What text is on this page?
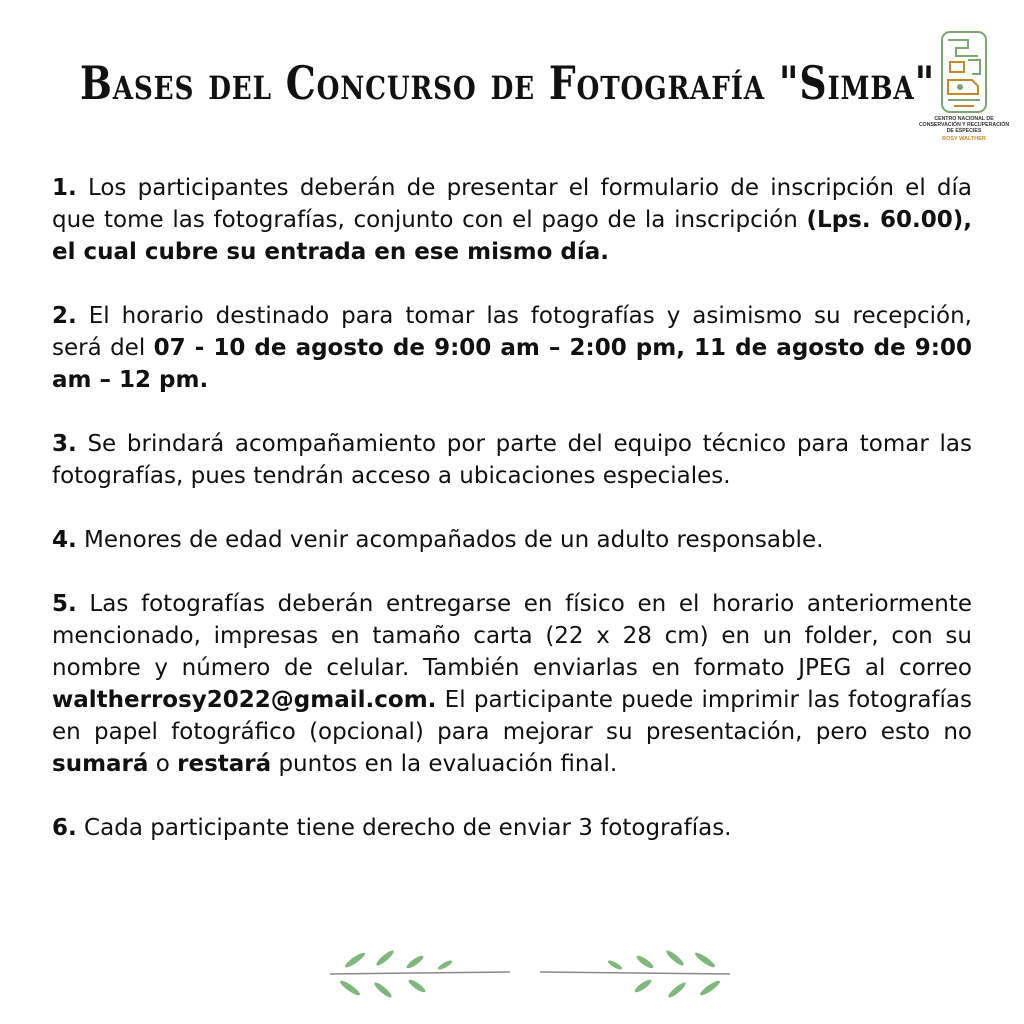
Bases del Concurso de Fotografía "Simba"
CENTRO NACIONAL DE CONSERVACIÓN Y RECUPERACIÓN DE ESPECIES
ROSY WALTHER

1. Los participantes deberán de presentar el formulario de inscripción el día que tome las fotografías, conjunto con el pago de la inscripción (Lps. 60.00), el cual cubre su entrada en ese mismo día.

2. El horario destinado para tomar las fotografías y asimismo su recepción, será del 07 - 10 de agosto de 9:00 am – 2:00 pm, 11 de agosto de 9:00 am – 12 pm.

3. Se brindará acompañamiento por parte del equipo técnico para tomar las fotografías, pues tendrán acceso a ubicaciones especiales.

4. Menores de edad venir acompañados de un adulto responsable.

5. Las fotografías deberán entregarse en físico en el horario anteriormente mencionado, impresas en tamaño carta (22 x 28 cm) en un folder, con su nombre y número de celular. También enviarlas en formato JPEG al correo waltherrosy2022@gmail.com. El participante puede imprimir las fotografías en papel fotográfico (opcional) para mejorar su presentación, pero esto no sumará o restará puntos en la evaluación final.

6. Cada participante tiene derecho de enviar 3 fotografías.
